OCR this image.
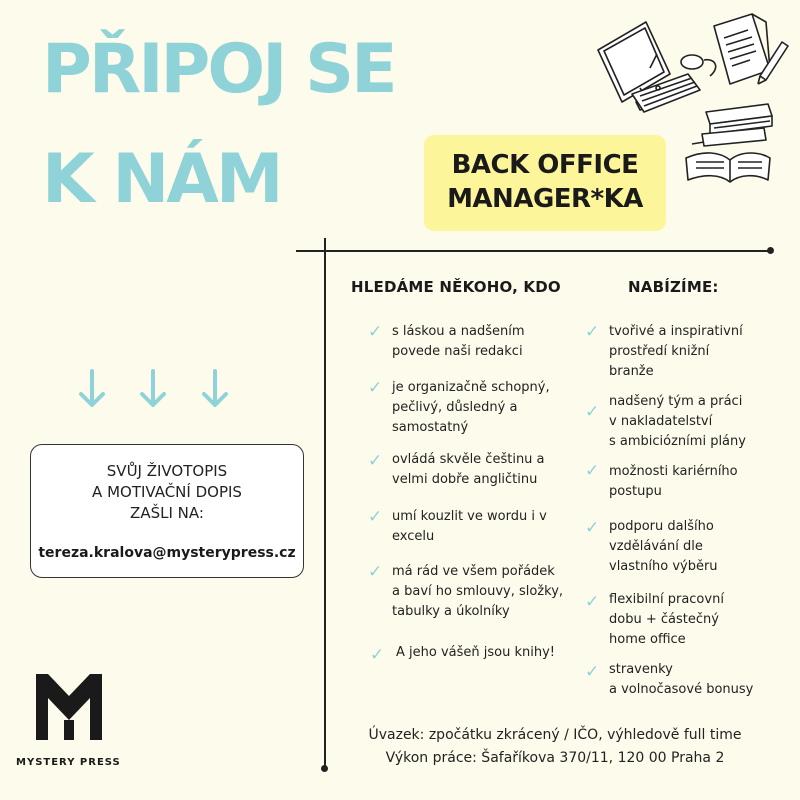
PŘIPOJ SE
K NÁM	BACK OFFICE
MANAGER*KA
SVŮJ ŽIVOTOPIS
A MOTIVAČNÍ DOPIS
ZAŠLI NA:
tereza.kralova@mysterypress.cz
MYSTERY PRESS
HLEDÁME NĚKOHO, KDO
✓ s láskou a nadšením
povede naši redakci
✓ je organizačně schopný,
pečlivý, důsledný a
samostatný
✓ ovládá skvěle češtinu a
velmi dobře angličtinu
✓ umí kouzlit ve wordu i v
excelu
✓ má rád ve všem pořádek
a baví ho smlouvy, složky,
tabulky a úkolníky
✓ A jeho vášeň jsou knihy!
NABÍZÍME:
✓ tvořivé a inspirativní
prostředí knižní
branže
✓
nadšený tým a práci
v nakladatelství
s ambiciózními plány
✓ možnosti kariérního
postupu
✓ podporu dalšího
vzdělávání dle
vlastního výběru
✓ flexibilní pracovní
dobu + částečný
home office
✓ stravenky
a volnočasové bonusy
Úvazek: zpočátku zkrácený / IČO, výhledově full time
Výkon práce: Šafaříkova 370/11, 120 00 Praha 2
